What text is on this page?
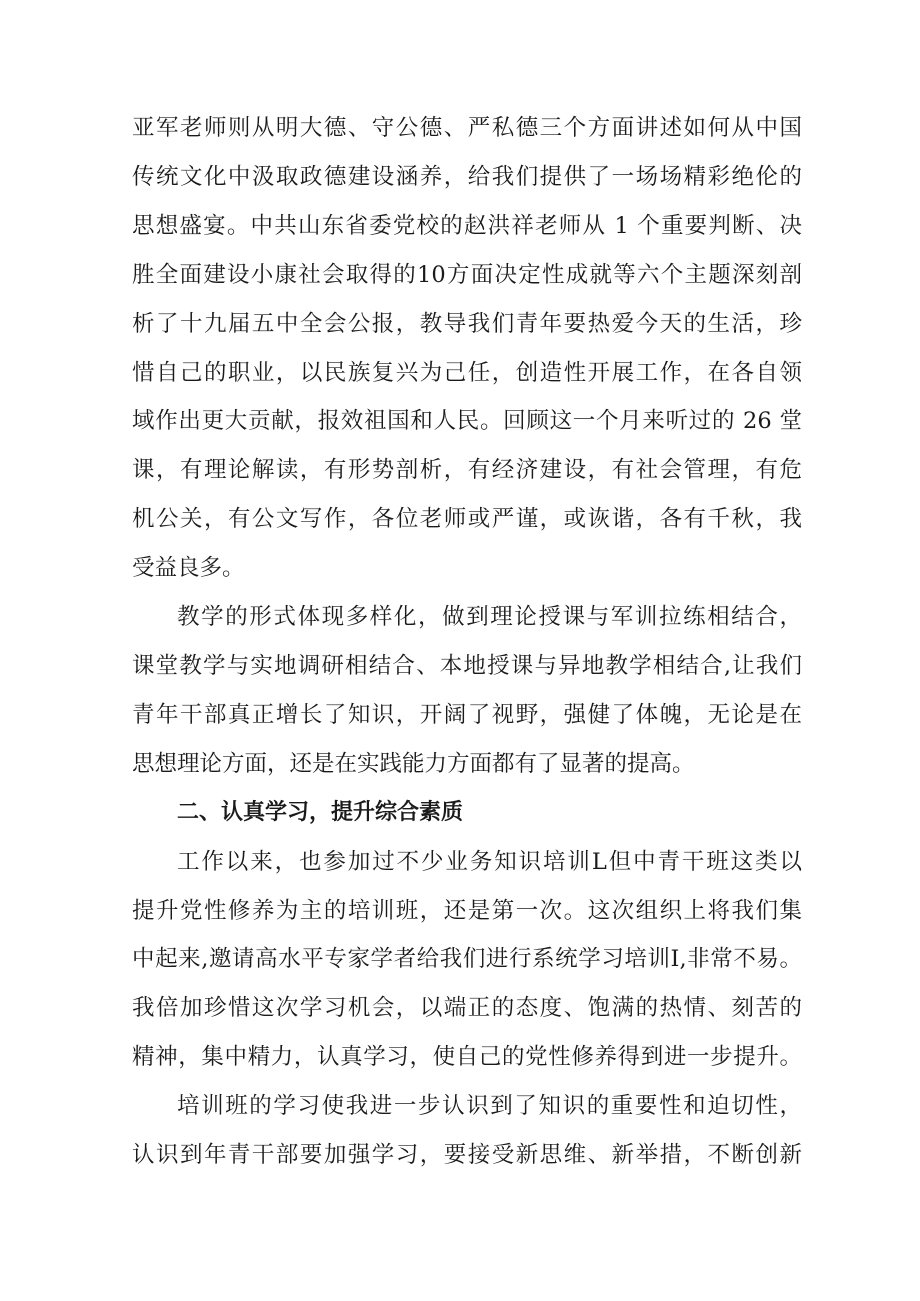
亚军老师则从明大德、守公德、严私德三个方面讲述如何从中国
传统文化中汲取政德建设涵养，给我们提供了一场场精彩绝伦的
思想盛宴。中共山东省委党校的赵洪祥老师从 1 个重要判断、决
胜全面建设小康社会取得的10方面决定性成就等六个主题深刻剖
析了十九届五中全会公报，教导我们青年要热爱今天的生活，珍
惜自己的职业，以民族复兴为己任，创造性开展工作，在各自领
域作出更大贡献，报效祖国和人民。回顾这一个月来听过的 26 堂
课，有理论解读，有形势剖析，有经济建设，有社会管理，有危
机公关，有公文写作，各位老师或严谨，或诙谐，各有千秋，我
受益良多。
教学的形式体现多样化，做到理论授课与军训拉练相结合，
课堂教学与实地调研相结合、本地授课与异地教学相结合,让我们
青年干部真正增长了知识，开阔了视野，强健了体魄，无论是在
思想理论方面，还是在实践能力方面都有了显著的提高。
二、认真学习，提升综合素质
工作以来，也参加过不少业务知识培训L但中青干班这类以
提升党性修养为主的培训班，还是第一次。这次组织上将我们集
中起来,邀请高水平专家学者给我们进行系统学习培训I,非常不易。
我倍加珍惜这次学习机会，以端正的态度、饱满的热情、刻苦的
精神，集中精力，认真学习，使自己的党性修养得到进一步提升。
培训班的学习使我进一步认识到了知识的重要性和迫切性，
认识到年青干部要加强学习，要接受新思维、新举措，不断创新
